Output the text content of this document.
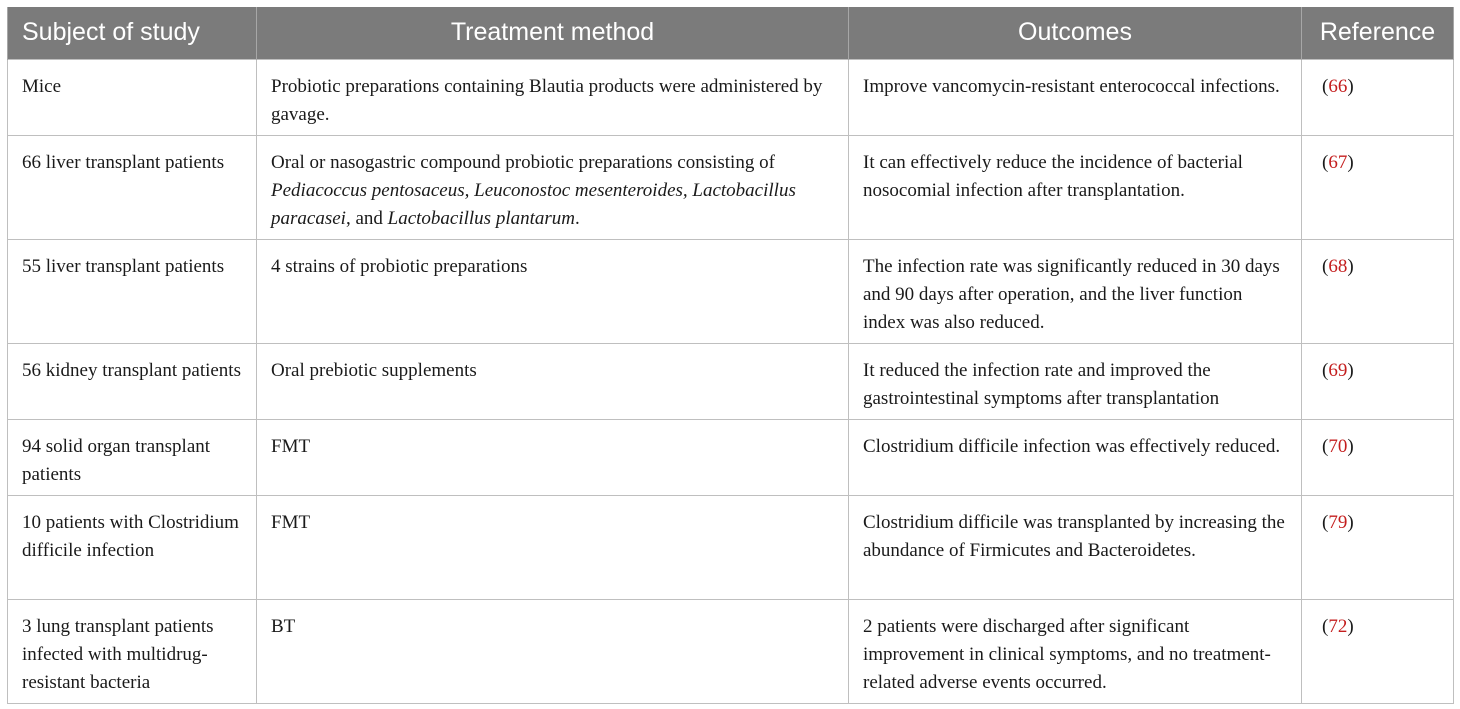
Subject of study	Treatment method	Outcomes	Reference
Mice	Probiotic preparations containing Blautia products were administered by gavage.	Improve vancomycin-resistant enterococcal infections.	(66)
66 liver transplant patients	Oral or nasogastric compound probiotic preparations consisting of Pediacoccus pentosaceus, Leuconostoc mesenteroides, Lactobacillus paracasei, and Lactobacillus plantarum.	It can effectively reduce the incidence of bacterial nosocomial infection after transplantation.	(67)
55 liver transplant patients	4 strains of probiotic preparations	The infection rate was significantly reduced in 30 days and 90 days after operation, and the liver function index was also reduced.	(68)
56 kidney transplant patients	Oral prebiotic supplements	It reduced the infection rate and improved the gastrointestinal symptoms after transplantation	(69)
94 solid organ transplant patients	FMT	Clostridium difficile infection was effectively reduced.	(70)
10 patients with Clostridium difficile infection	FMT	Clostridium difficile was transplanted by increasing the abundance of Firmicutes and Bacteroidetes.	(79)
3 lung transplant patients infected with multidrug-resistant bacteria	BT	2 patients were discharged after significant improvement in clinical symptoms, and no treatment-related adverse events occurred.	(72)
